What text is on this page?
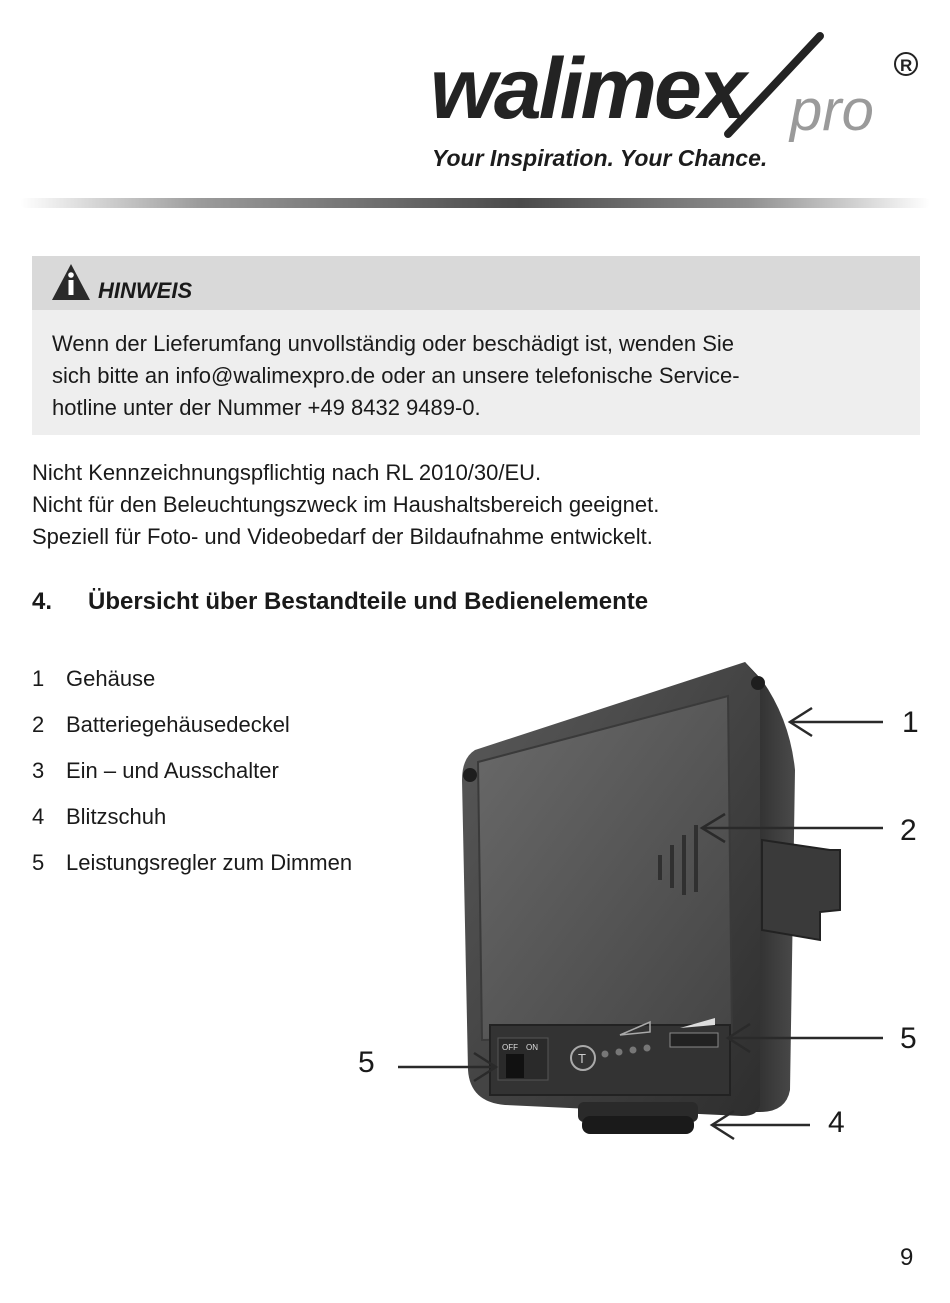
walimex pro
R
Your Inspiration. Your Chance.
HINWEIS
Wenn der Lieferumfang unvollständig oder beschädigt ist, wenden Sie
sich bitte an info@walimexpro.de oder an unsere telefonische Service-
hotline unter der Nummer +49 8432 9489-0.
Nicht Kennzeichnungspflichtig nach RL 2010/30/EU.
Nicht für den Beleuchtungszweck im Haushaltsbereich geeignet.
Speziell für Foto- und Videobedarf der Bildaufnahme entwickelt.
4. Übersicht über Bestandteile und Bedienelemente
1 Gehäuse
2 Batteriegehäusedeckel
3 Ein – und Ausschalter
4 Blitzschuh
5 Leistungsregler zum Dimmen
OFF ON
T
1
2
5
5
4
9
